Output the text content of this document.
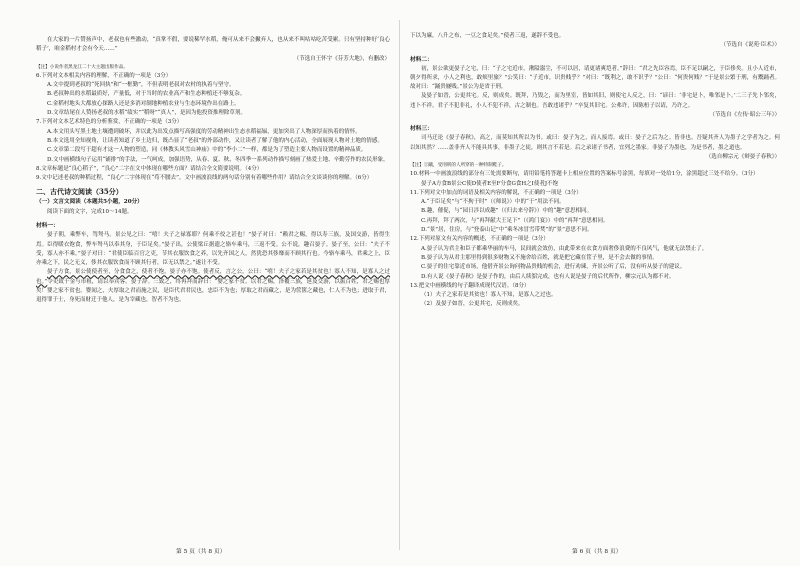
在大家的一片赞扬声中，老叔也有些激动，“真掌不假，要说稀罕水稻，俺可从来不会撇弃人，也从来不叫咕咕吃苦受累。只有坚持种好‘良心稻子’，咱金稻村才会有今天……”

（节选自王怀宇《芬芳大地》，有删改）

【注】小说作者黑龙江二十大主题出版作品。

6.下列对文本相关内容的理解，不正确的一项是（3分）

A.文中提到老叔的“死回执”和“一框勤”，不但表明老叔对农村的执着与坚守。

B.老叔种出的水稻最质好，产量低，对于当时的农业高产和生态种植还不够复杂。

C.金稻村地头大都放心探路人还是多消对制地种植农业与生态环境作出在路上。

D.文章结尾在人赞扬老叔的水稻“绩实”“稻呀”“真人”，是因为他投资推理除草剂。

7.下列对文本艺术特色的分析鉴赏，不正确的一项是（3分）

A.本文用头写黑土地土壤遭到破坏，并以此为出发点描写高强度的劳动精神出生态水稻福辐，更加突出了人物深厚而执着的情怀。

B.本文选用全知视角，让读者知道了乡土边归，既凸显了“老叔”的外部动作，又让读者了解了他的内心活动，全面展现人物对土地的情感。

C.文章第二段写于超有才这一人物的塑造，同《林教头风雪山神庙》中的“李小二”一样，都是为了塑造主要人物而设置的精神品质。

D.文中画横线句子运用“铺排”的手法，一气呵成，加强语势，从春、夏、秋、冬四季一系列动作描写刻画了热爱土地、辛勤劳作的农民形象。

8.文章标题是“良心稻子”，“良心”二字在文中体现在哪些方面？请结合全文简要说明。（4分）

9.文中记述老叔的种稻过程，“良心”二字体现在“苟不腰去”，文中画波浪线的两句话分别有着哪些作用？请结合全文谈谈你的理解。（6分）

二、古代诗文阅读（35分）

（一）文言文阅读（本题共5小题，20分）

阅读下面的文字，完成10～14题。

材料一：

晏子朝，乘弊车，驾驽马。景公见之曰：“嘻！夫子之禄寡耶？何乘不佼之甚也！”晏子对曰：“赖君之赐，得以寿三族，及国交游，皆得生焉。臣得暖衣饱食，弊车驽马以奉其身，于臣足矣。”晏子出，公使梁丘据遗之辂车乘马，三返不受。公不说，趣召晏子。晏子至，公曰：“夫子不受，寡人亦不乘。”晏子对曰：“君使臣临百官之吏，节其衣服饮食之养，以先齐国之人，然犹恐其侈靡而不顾其行也。今辂车乘马，君乘之上，臣亦乘之下，民之无义，侈其衣服饮食而不顾其行者，臣无以禁之。”遂让不受。

晏子方食，景公使使者至，分食食之，使者不饱，晏子亦不饱。使者反，言之公，公曰：“嘻！夫子之家若是其贫也！寡人不知，是寡人之过也。”令吏致千金与市租，请以奉宾客。晏子辞。三致之，终再拜而辞曰：“婴之家不贫。以君之赐，泽覆三族，延及交游，以振百姓，君之赐也厚矣！婴之家不贫也。婴闻之，夫厚取之君而施之民，是臣代君君民也，忠臣不为也；厚取之君而藏之，是为筐箧之藏也，仁人不为也；进取于君，退得罪于士，身死而财迁于他人，是为宰藏也，智者不为也。

下以为廉，八升之布，一豆之食足矣。”使者三返，遂辞不受也。

（节选自《说苑·臣术》）

材料二：

初，景公欲更晏子之宅，曰：“子之宅近市，湫隘嚣尘，不可以居，请更诸爽垲者。”辞曰：“君之先臣容焉，臣不足以嗣之，于臣侈矣。且小人近市，朝夕得所求，小人之利也，敢烦里旅？”公笑曰：“子近市，识贵贱乎？”对曰：“既利之，敢不识乎？”公曰：“何贵何贱？”于是景公繁于刑，有鬻踊者。故对曰：“踊贵屦贱。”景公为是省于刑。

及晏子如晋，公更其宅。反，则成矣。既拜，乃毁之，而为里室，皆如其旧，则使宅人反之，曰：“谚曰：‘非宅是卜，唯邻是卜。’二三子先卜邻矣，违卜不祥。君子不犯非礼，小人不犯不祥，古之制也。吾敢违诸乎？”卒复其旧宅。公弗许，因陈桓子以请，乃许之。

（节选自《左传·昭公三年》）

材料三：

司马迁论《晏子春秋》，高之，而莫知其所以为书。或曰：晏子为之，而人接焉。或曰：晏子之后为之。皆非也。吾疑其齐人为墨子之学者为之。何以知其然？……盖非齐人不能具其事，非墨子之徒，则其言不若是。后之录诸子书者，宜列之墨家。非晏子为墨也，为是书者，墨之道也。

（选自柳宗元《辩晏子春秋》）

【注】①蹴，受刖刑的人所穿的一种特制鞋子。

10.材料一中画波浪线的部分有三处需要断句，请用铅笔将答题卡上相应位置的答案标号涂黑，每填对一处给1分，涂黑超过三处不给分。（3分）

晏子A方食B景公C使D使者E至F分食G食H之I使者J不饱

11.下列对文中加点的词语及相关内容的解说，不正确的一项是（3分）

A.“于臣足矣”与“不拘于时”（《师说》）中的“于”用法不同。

B.趣，催促，与“园日涉以成趣”（《归去来兮辞》）中的“趣”意思相同。

C.再拜，拜了两次，与“再拜献大王足下”（《鸿门宴》）中的“再拜”意思相同。

D.“景”居，住房，与“登泰山记”中“乘冬冰冒雪带焚”的“景”意思不同。

12.下列对原文有关内容的概述，不正确的一项是（3分）

A.晏子认为君主和臣子都乘华丽的车马，民间就会效仿，由此带来在衣食方面奢侈浪费的不良风气，他就无法禁止了。

B.晏子认为从君主那里得到很多财物又不施舍给百姓，就是把它藏在筐子里，是不会去做的事情。

C.晏子的住宅靠近市场，他借齐景公询问物品贵贱的机会，进行劝谏，齐景公听了后，没有听从晏子的建议。

D.有人说《晏子春秋》是晏子作的，由后人续貂完成，也有人说是晏子的后代所作，柳宗元认为都不对。

13.把文中画横线的句子翻译成现代汉语。（8分）

（1）夫子之家若是其贫也！寡人不知，是寡人之过也。

（2）及晏子如晋，公更其宅，反则成矣。

第 5 页（共 8 页）	第 6 页（共 8 页）
